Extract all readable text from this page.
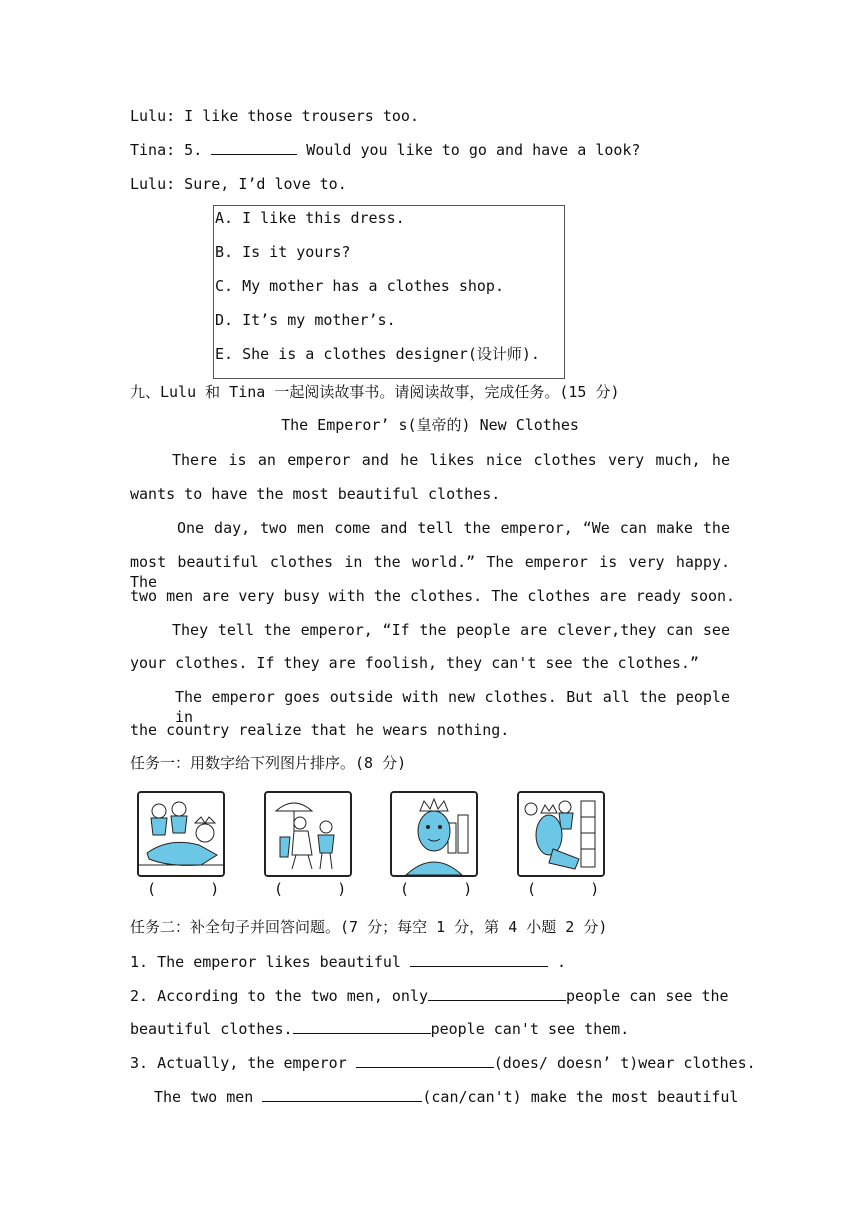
Lulu: I like those trousers too.
Tina: 5.	Would you like to go and have a look?
Lulu: Sure, I’d love to.
A. I like this dress.
B. Is it yours?
C. My mother has a clothes shop.
D. It’s my mother’s.
E. She is a clothes designer(设计师).
九、Lulu 和 Tina 一起阅读故事书。请阅读故事，完成任务。(15 分)
The Emperor’ s(皇帝的) New Clothes
There is an emperor and he likes nice clothes very much, he
wants to have the most beautiful clothes.
One day, two men come and tell the emperor, “We can make the
most beautiful clothes in the world.” The emperor is very happy. The
two men are very busy with the clothes. The clothes are ready soon.
They tell the emperor, “If the people are clever,they can see
your clothes. If they are foolish, they can't see the clothes.”
The emperor goes outside with new clothes. But all the people in
the country realize that he wears nothing.
任务一：用数字给下列图片排序。(8 分)
(      )	(      )	(      )	(      )
任务二：补全句子并回答问题。(7 分；每空 1 分，第 4 小题 2 分)
1. The emperor likes beautiful	.
2. According to the two men, only	people can see the
beautiful clothes.	people can't see them.
3. Actually, the emperor	(does/ doesn’ t)wear clothes.
The two men	(can/can't) make the most beautiful
